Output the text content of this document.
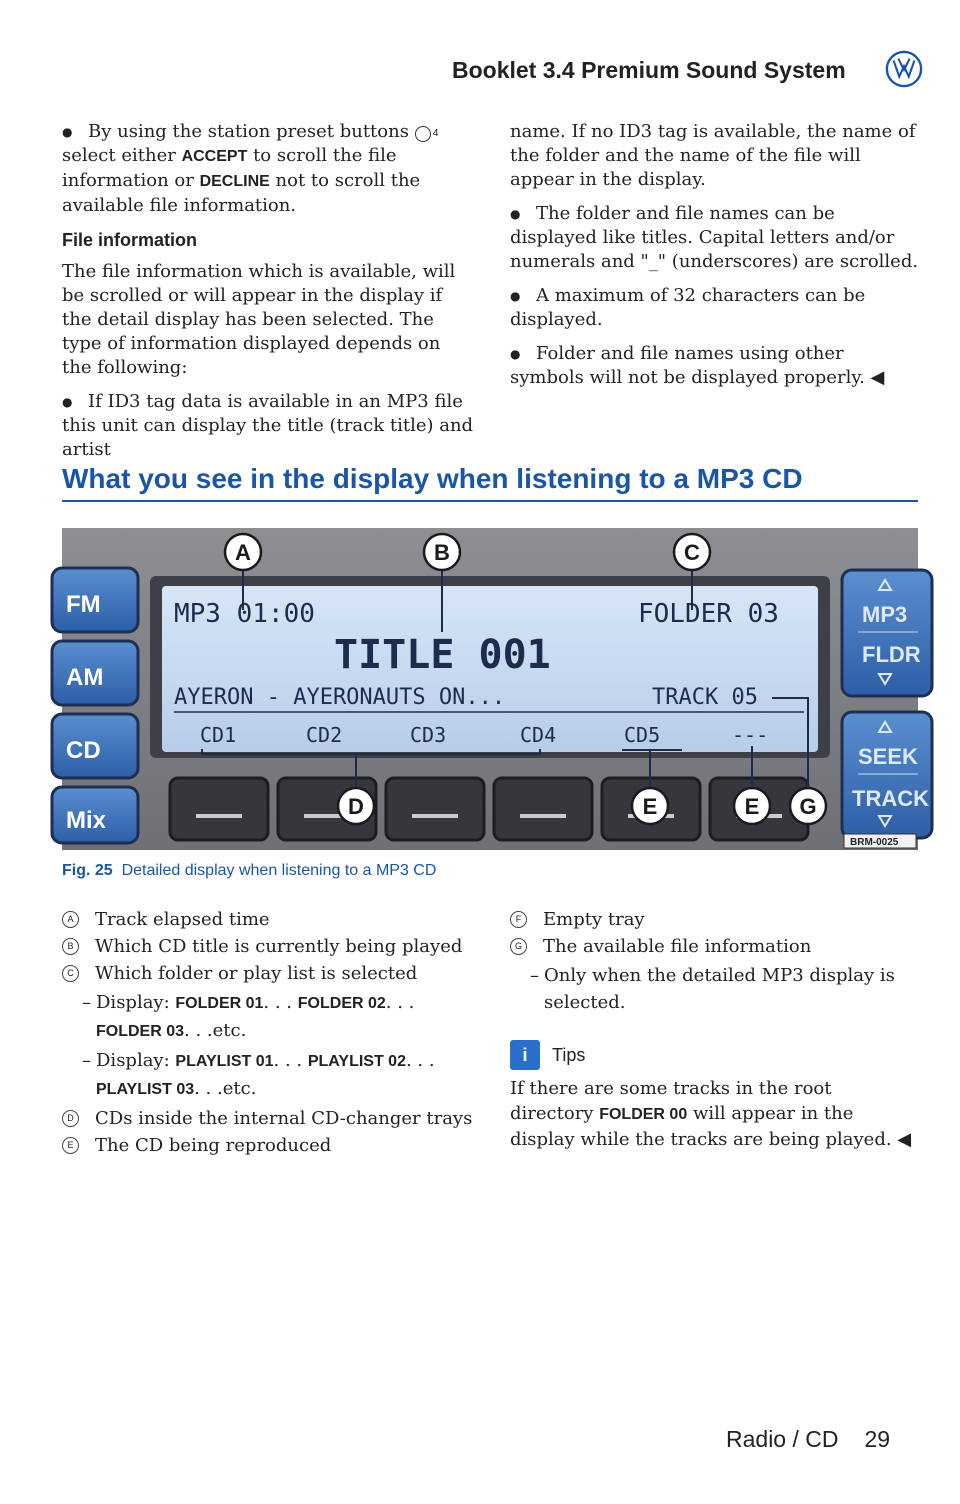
Booklet 3.4 Premium Sound System

● By using the station preset buttons 4 select either ACCEPT to scroll the file information or DECLINE not to scroll the available file information.

File information

The file information which is available, will be scrolled or will appear in the display if the detail display has been selected. The type of information displayed depends on the following:

● If ID3 tag data is available in an MP3 file this unit can display the title (track title) and artist

name. If no ID3 tag is available, the name of the folder and the name of the file will appear in the display.

● The folder and file names can be displayed like titles. Capital letters and/or numerals and "_" (underscores) are scrolled.

● A maximum of 32 characters can be displayed.

● Folder and file names using other symbols will not be displayed properly. ◀

What you see in the display when listening to a MP3 CD
FM
AM
CD
Mix
MP3 01:00	FOLDER 03
TITLE 001
AYERON - AYERONAUTS ON...	TRACK 05
CD1	CD2	CD3	CD4	CD5	---
MP3
FLDR
SEEK
TRACK
BRM-0025
A	B	C
D	E	E G
Fig. 25 Detailed display when listening to a MP3 CD
A	Track elapsed time
B	Which CD title is currently being played
C Which folder or play list is selected
– Display: FOLDER 01. . . FOLDER 02. . . FOLDER 03. . .etc.
– Display: PLAYLIST 01. . . PLAYLIST 02. . . PLAYLIST 03. . .etc.
D CDs inside the internal CD-changer trays
E	The CD being reproduced
F	Empty tray
G The available file information
– Only when the detailed MP3 display is selected.
i	Tips

If there are some tracks in the root directory FOLDER 00 will appear in the display while the tracks are being played. ◀

Radio / CD 29
